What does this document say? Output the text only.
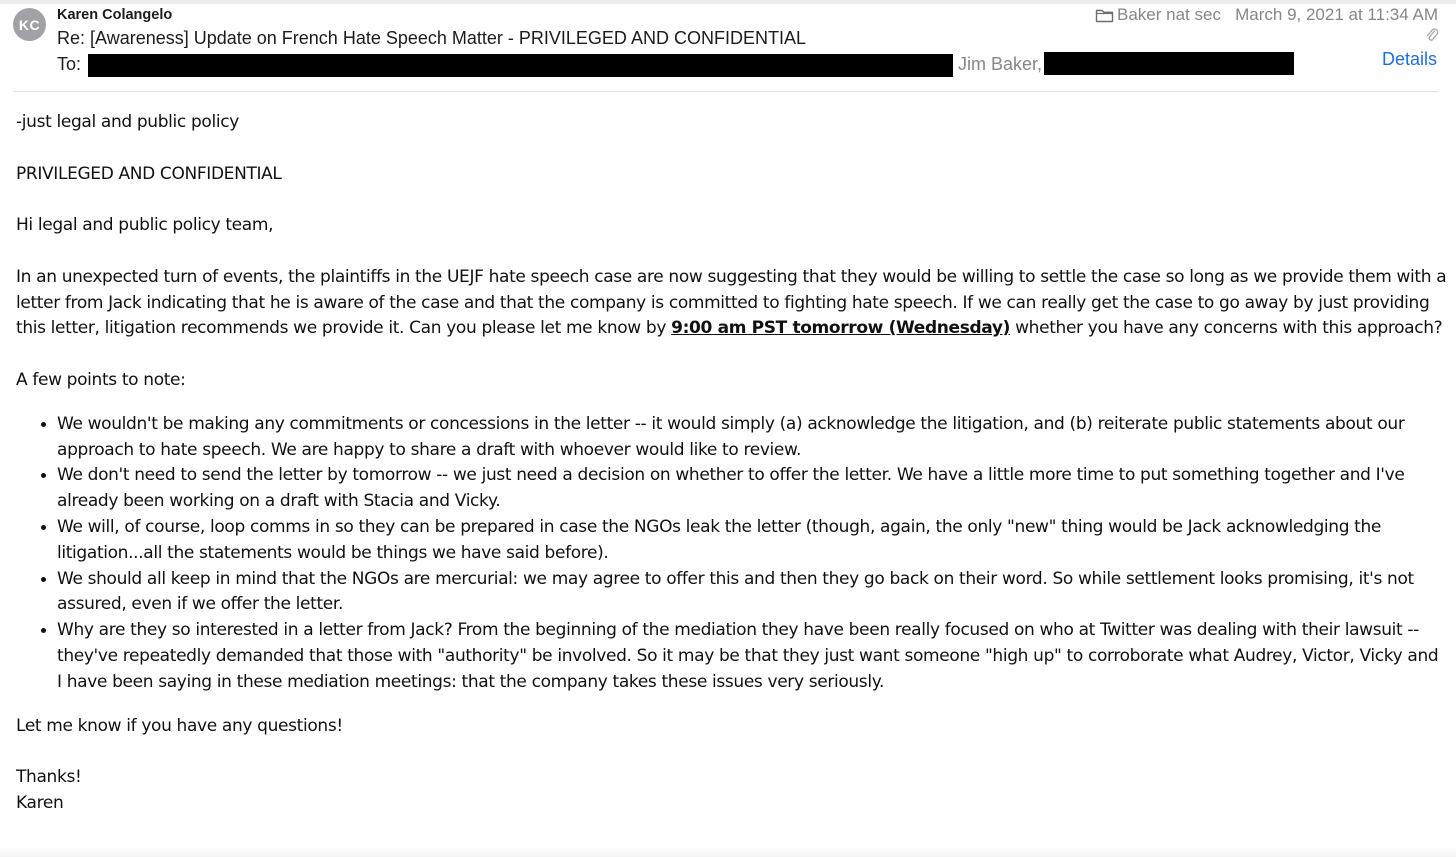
KC
Karen Colangelo
Re: [Awareness] Update on French Hate Speech Matter - PRIVILEGED AND CONFIDENTIAL
To:	Jim Baker,
Baker nat sec March 9, 2021 at 11:34 AM
Details

-just legal and public policy

PRIVILEGED AND CONFIDENTIAL

Hi legal and public policy team,

In an unexpected turn of events, the plaintiffs in the UEJF hate speech case are now suggesting that they would be willing to settle the case so long as we provide them with a letter from Jack indicating that he is aware of the case and that the company is committed to fighting hate speech. If we can really get the case to go away by just providing this letter, litigation recommends we provide it. Can you please let me know by 9:00 am PST tomorrow (Wednesday) whether you have any concerns with this approach?

A few points to note:

• We wouldn't be making any commitments or concessions in the letter -- it would simply (a) acknowledge the litigation, and (b) reiterate public statements about our approach to hate speech. We are happy to share a draft with whoever would like to review.
• We don't need to send the letter by tomorrow -- we just need a decision on whether to offer the letter. We have a little more time to put something together and I've already been working on a draft with Stacia and Vicky.
• We will, of course, loop comms in so they can be prepared in case the NGOs leak the letter (though, again, the only "new" thing would be Jack acknowledging the litigation...all the statements would be things we have said before).
• We should all keep in mind that the NGOs are mercurial: we may agree to offer this and then they go back on their word. So while settlement looks promising, it's not assured, even if we offer the letter.
• Why are they so interested in a letter from Jack? From the beginning of the mediation they have been really focused on who at Twitter was dealing with their lawsuit -- they've repeatedly demanded that those with "authority" be involved. So it may be that they just want someone "high up" to corroborate what Audrey, Victor, Vicky and I have been saying in these mediation meetings: that the company takes these issues very seriously.

Let me know if you have any questions!

Thanks!

Karen
